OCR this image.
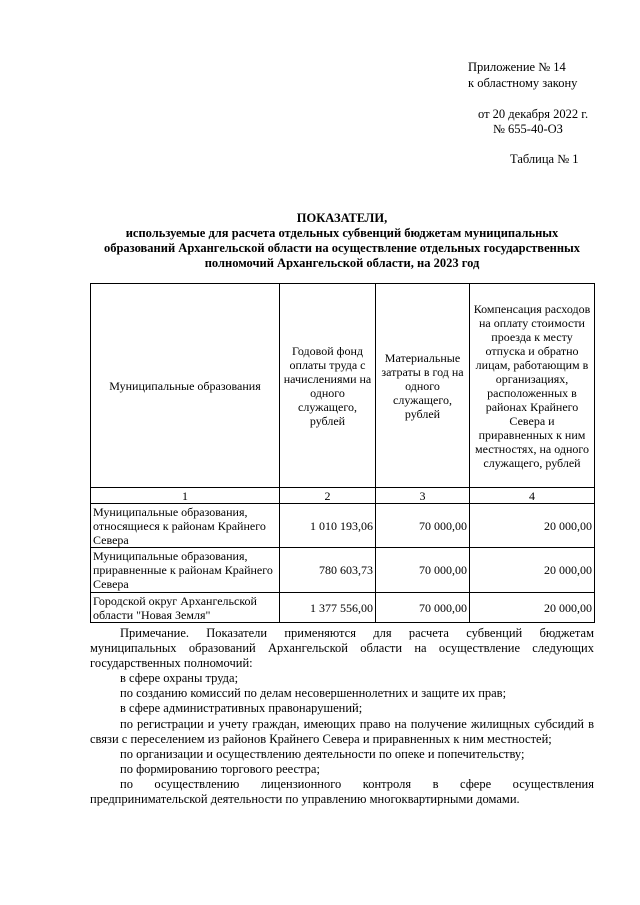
Приложение № 14
к областному закону
от 20 декабря 2022 г.
№ 655-40-ОЗ
Таблица № 1
ПОКАЗАТЕЛИ,
используемые для расчета отдельных субвенций бюджетам муниципальных
образований Архангельской области на осуществление отдельных государственных
полномочий Архангельской области, на 2023 год
Муниципальные образования	Годовой фонд оплаты труда с начислениями на одного служащего, рублей	Материальные затраты в год на одного служащего, рублей	Компенсация расходов на оплату стоимости проезда к месту отпуска и обратно лицам, работающим в организациях, расположенных в районах Крайнего Севера и приравненных к ним местностях, на одного служащего, рублей
1	2	3	4
Муниципальные образования, относящиеся к районам Крайнего Севера	1 010 193,06	70 000,00	20 000,00
Муниципальные образования, приравненные к районам Крайнего Севера	780 603,73	70 000,00	20 000,00
Городской округ Архангельской области "Новая Земля"	1 377 556,00	70 000,00	20 000,00

Примечание. Показатели применяются для расчета субвенций бюджетам муниципальных образований Архангельской области на осуществление следующих государственных полномочий:

в сфере охраны труда;

по созданию комиссий по делам несовершеннолетних и защите их прав;

в сфере административных правонарушений;

по регистрации и учету граждан, имеющих право на получение жилищных субсидий в связи с переселением из районов Крайнего Севера и приравненных к ним местностей;

по организации и осуществлению деятельности по опеке и попечительству;

по формированию торгового реестра;

по осуществлению лицензионного контроля в сфере осуществления предпринимательской деятельности по управлению многоквартирными домами.
